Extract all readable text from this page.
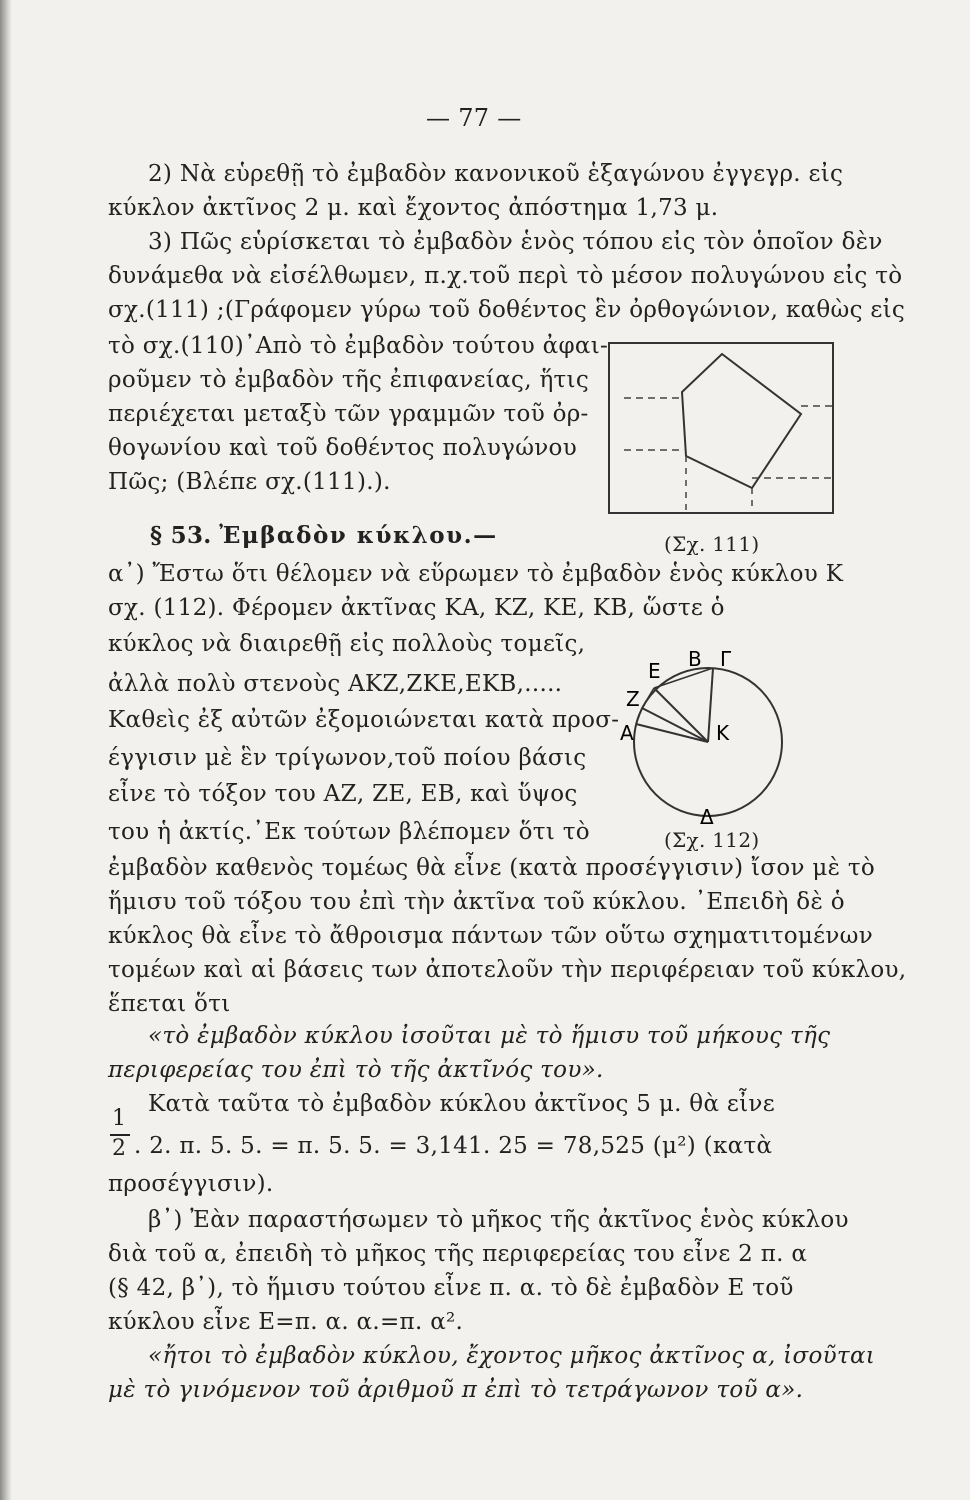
— 77 —
2) Νὰ εὑρεθῇ τὸ ἐμβαδὸν κανονικοῦ ἑξαγώνου ἐγγεγρ. εἰς
κύκλον ἀκτῖνος 2 μ. καὶ ἔχοντος ἀπόστημα 1,73 μ.
3) Πῶς εὑρίσκεται τὸ ἐμβαδὸν ἑνὸς τόπου εἰς τὸν ὁποῖον δὲν
δυνάμεθα νὰ εἰσέλθωμεν, π.χ.τοῦ περὶ τὸ μέσον πολυγώνου εἰς τὸ
σχ.(111) ;(Γράφομεν γύρω τοῦ δοθέντος ἓν ὀρθογώνιον, καθὼς εἰς
τὸ σχ.(110)᾽Απὸ τὸ ἐμβαδὸν τούτου ἀφαι-
ροῦμεν τὸ ἐμβαδὸν τῆς ἐπιφανείας, ἥτις
περιέχεται μεταξὺ τῶν γραμμῶν τοῦ ὀρ-
θογωνίου καὶ τοῦ δοθέντος πολυγώνου
Πῶς; (Βλέπε σχ.(111).).
(Σχ. 111)
§ 53. Ἐμβαδὸν κύκλου.—
α᾽) Ἔστω ὅτι θέλομεν νὰ εὕρωμεν τὸ ἐμβαδὸν ἑνὸς κύκλου Κ
σχ. (112). Φέρομεν ἀκτῖνας ΚΑ, ΚΖ, ΚΕ, ΚΒ, ὥστε ὁ
κύκλος νὰ διαιρεθῇ εἰς πολλοὺς τομεῖς,
ἀλλὰ πολὺ στενοὺς ΑΚΖ,ΖΚΕ,ΕΚΒ,.....
Καθεὶς ἐξ αὐτῶν ἐξομοιώνεται κατὰ προσ-
έγγισιν μὲ ἓν τρίγωνον,τοῦ ποίου βάσις
εἶνε τὸ τόξον του ΑΖ, ΖΕ, ΕΒ, καὶ ὕψος
του ἡ ἀκτίς.᾽Εκ τούτων βλέπομεν ὅτι τὸ
Β Γ
Ε
Ζ
Α	Κ
Δ
(Σχ. 112)
ἐμβαδὸν καθενὸς τομέως θὰ εἶνε (κατὰ προσέγγισιν) ἴσον μὲ τὸ
ἥμισυ τοῦ τόξου του ἐπὶ τὴν ἀκτῖνα τοῦ κύκλου. ᾽Επειδὴ δὲ ὁ
κύκλος θὰ εἶνε τὸ ἄθροισμα πάντων τῶν οὕτω σχηματιτομένων
τομέων καὶ αἱ βάσεις των ἀποτελοῦν τὴν περιφέρειαν τοῦ κύκλου,
ἕπεται ὅτι
«τὸ ἐμβαδὸν κύκλου ἰσοῦται μὲ τὸ ἥμισυ τοῦ μήκους τῆς
περιφερείας του ἐπὶ τὸ τῆς ἀκτῖνός του».
Κατὰ ταῦτα τὸ ἐμβαδὸν κύκλου ἀκτῖνος 5 μ. θὰ εἶνε
1
2 . 2. π. 5. 5. = π. 5. 5. = 3,141. 25 = 78,525 (μ²) (κατὰ
προσέγγισιν).
β᾽) Ἐὰν παραστήσωμεν τὸ μῆκος τῆς ἀκτῖνος ἑνὸς κύκλου
διὰ τοῦ α, ἐπειδὴ τὸ μῆκος τῆς περιφερείας του εἶνε 2 π. α
(§ 42, β᾽), τὸ ἥμισυ τούτου εἶνε π. α. τὸ δὲ ἐμβαδὸν Ε τοῦ
κύκλου εἶνε Ε=π. α. α.=π. α².
«ἤτοι τὸ ἐμβαδὸν κύκλου, ἔχοντος μῆκος ἀκτῖνος α, ἰσοῦται
μὲ τὸ γινόμενον τοῦ ἀριθμοῦ π ἐπὶ τὸ τετράγωνον τοῦ α».
